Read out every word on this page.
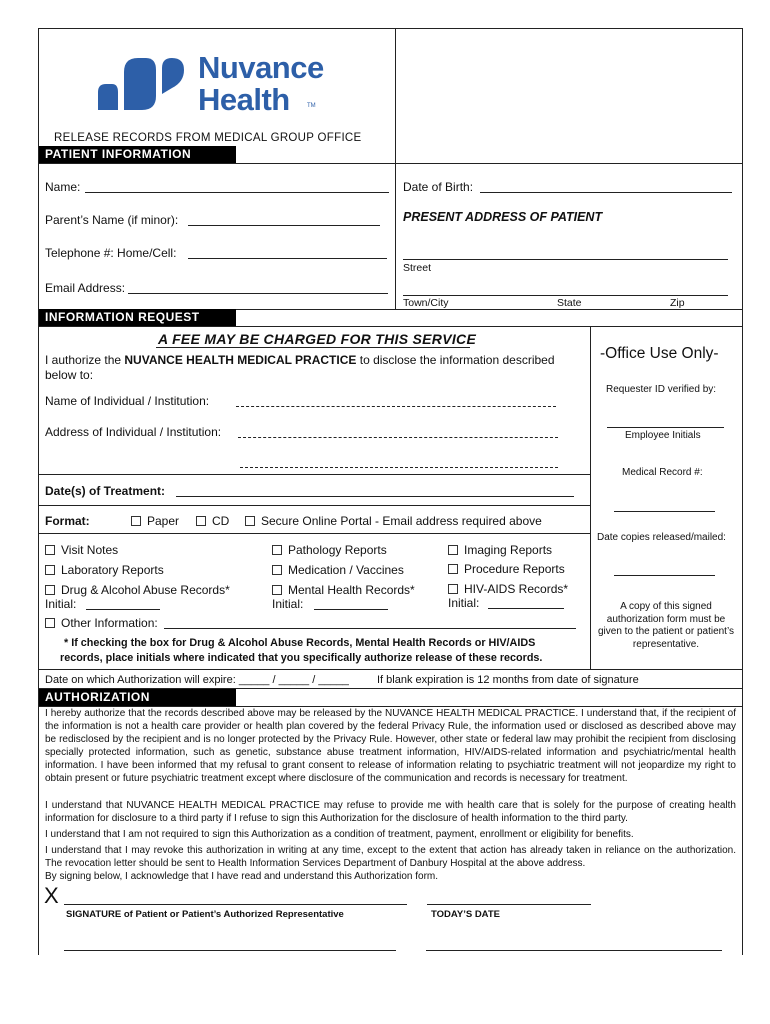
Nuvance
Health	TM
RELEASE RECORDS FROM MEDICAL GROUP OFFICE
PATIENT INFORMATION
Name:	Date of Birth:
Parent’s Name (if minor):	PRESENT ADDRESS OF PATIENT
Telephone #: Home/Cell:
Street
Email Address:
Town/City	State	Zip
INFORMATION REQUEST
A FEE MAY BE CHARGED FOR THIS SERVICE
I authorize the NUVANCE HEALTH MEDICAL PRACTICE to disclose the information described
below to:
Name of Individual / Institution:
Address of Individual / Institution:
Date(s) of Treatment:
Format:	Paper	CD	Secure Online Portal - Email address required above
Visit Notes	Pathology Reports	Imaging Reports
Laboratory Reports	Medication / Vaccines	Procedure Reports
Drug & Alcohol Abuse Records*	Mental Health Records*	HIV-AIDS Records*
Initial:	Initial:	Initial:
Other Information:
* If checking the box for Drug & Alcohol Abuse Records, Mental Health Records or HIV/AIDS
records, place initials where indicated that you specifically authorize release of these records.
Date on which Authorization will expire: _____ / _____ / _____	If blank expiration is 12 months from date of signature
-Office Use Only-
Requester ID verified by:
Employee Initials
Medical Record #:
Date copies released/mailed:
A copy of this signed authorization form must be given to the patient or patient’s representative.
AUTHORIZATION
I hereby authorize that the records described above may be released by the NUVANCE HEALTH MEDICAL PRACTICE. I understand that, if the recipient of the information is not a health care provider or health plan covered by the federal Privacy Rule, the information used or disclosed as described above may be redisclosed by the recipient and is no longer protected by the Privacy Rule. However, other state or federal law may prohibit the recipient from disclosing specially protected information, such as genetic, substance abuse treatment information, HIV/AIDS-related information and psychiatric/mental health information. I have been informed that my refusal to grant consent to release of information relating to psychiatric treatment will not jeopardize my right to obtain present or future psychiatric treatment except where disclosure of the communication and records is necessary for treatment.
I understand that NUVANCE HEALTH MEDICAL PRACTICE may refuse to provide me with health care that is solely for the purpose of creating health information for disclosure to a third party if I refuse to sign this Authorization for the disclosure of health information to the third party.
I understand that I am not required to sign this Authorization as a condition of treatment, payment, enrollment or eligibility for benefits.
I understand that I may revoke this authorization in writing at any time, except to the extent that action has already taken in reliance on the authorization. The revocation letter should be sent to Health Information Services Department of Danbury Hospital at the above address.
By signing below, I acknowledge that I have read and understand this Authorization form.
X
SIGNATURE of Patient or Patient’s Authorized Representative	TODAY’S DATE
